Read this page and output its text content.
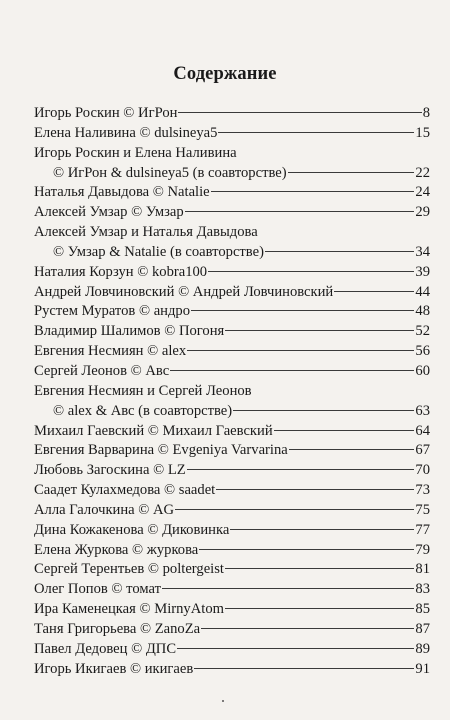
Содержание
Игорь Роскин © ИгРон	8
Елена Наливина © dulsineya5	15
Игорь Роскин и Елена Наливина
© ИгРон & dulsineya5 (в соавторстве)	22
Наталья Давыдова © Natalie	24
Алексей Умзар © Умзар	29
Алексей Умзар и Наталья Давыдова
© Умзар & Natalie (в соавторстве)	34
Наталия Корзун © kobra100	39
Андрей Ловчиновский © Андрей Ловчиновский	44
Рустем Муратов © андро	48
Владимир Шалимов © Погоня	52
Евгения Несмиян © alex	56
Сергей Леонов © Авс	60
Евгения Несмиян и Сергей Леонов
© alex & Авс (в соавторстве)	63
Михаил Гаевский © Михаил Гаевский	64
Евгения Варварина © Evgeniya Varvarina	67
Любовь Загоскина © LZ	70
Саадет Кулахмедова © saadet	73
Алла Галочкина © AG	75
Дина Кожакенова © Диковинка	77
Елена Журкова © журкова	79
Сергей Терентьев © poltergeist	81
Олег Попов © томат	83
Ира Каменецкая © MirnyAtom	85
Таня Григорьева © ZanoZa	87
Павел Дедовец © ДПС	89
Игорь Икигаев © икигаев	91
